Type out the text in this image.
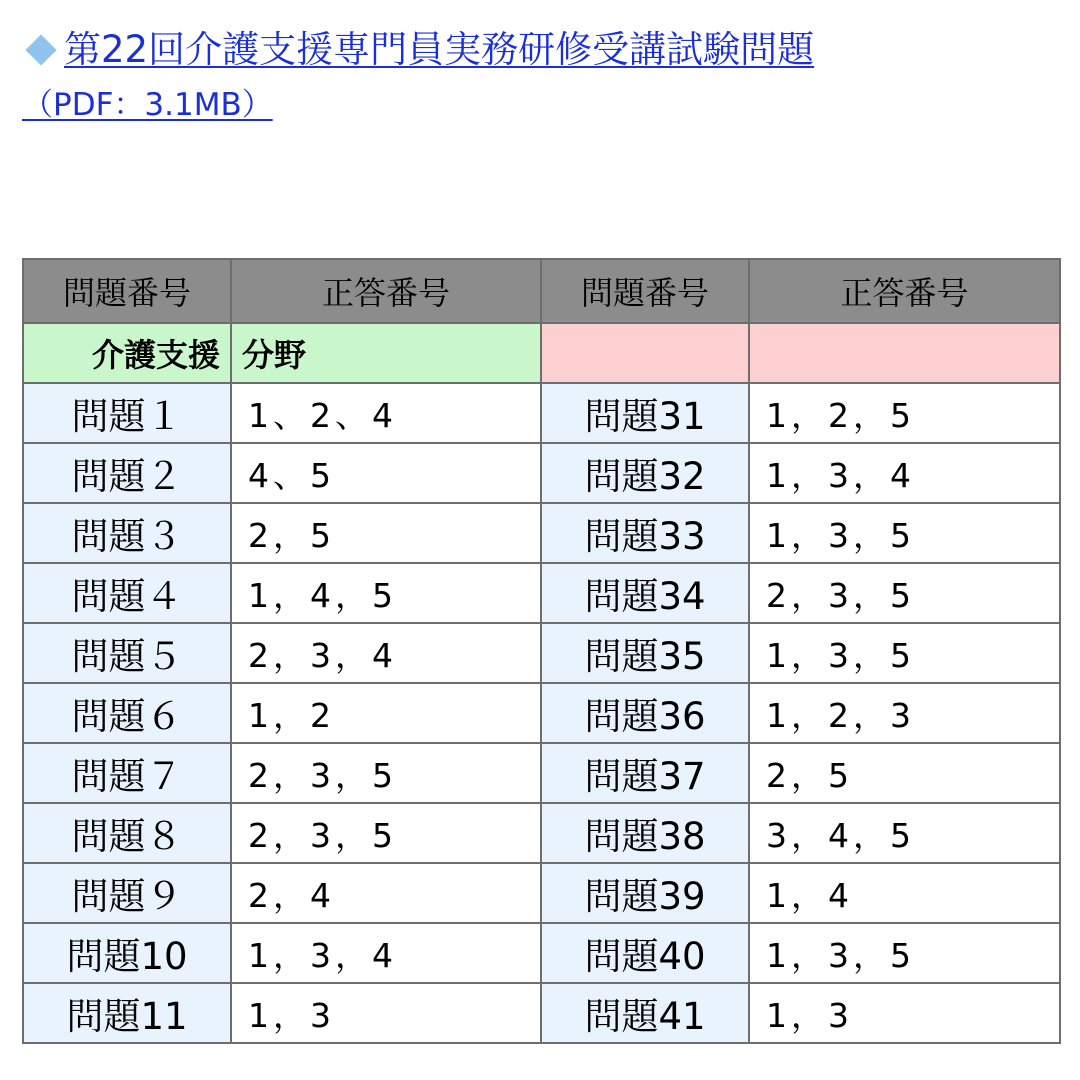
第22回介護支援専門員実務研修受講試験問題
（PDF：3.1MB）
問題番号	正答番号	問題番号	正答番号
介護支援	分野		
問題１	1、2、4	問題31	1，2，5
問題２	4、5	問題32	1，3，4
問題３	2，5	問題33	1，3，5
問題４	1，4，5	問題34	2，3，5
問題５	2，3，4	問題35	1，3，5
問題６	1，2	問題36	1，2，3
問題７	2，3，5	問題37	2，5
問題８	2，3，5	問題38	3，4，5
問題９	2，4	問題39	1，4
問題10	1，3，4	問題40	1，3，5
問題11	1，3	問題41	1，3
